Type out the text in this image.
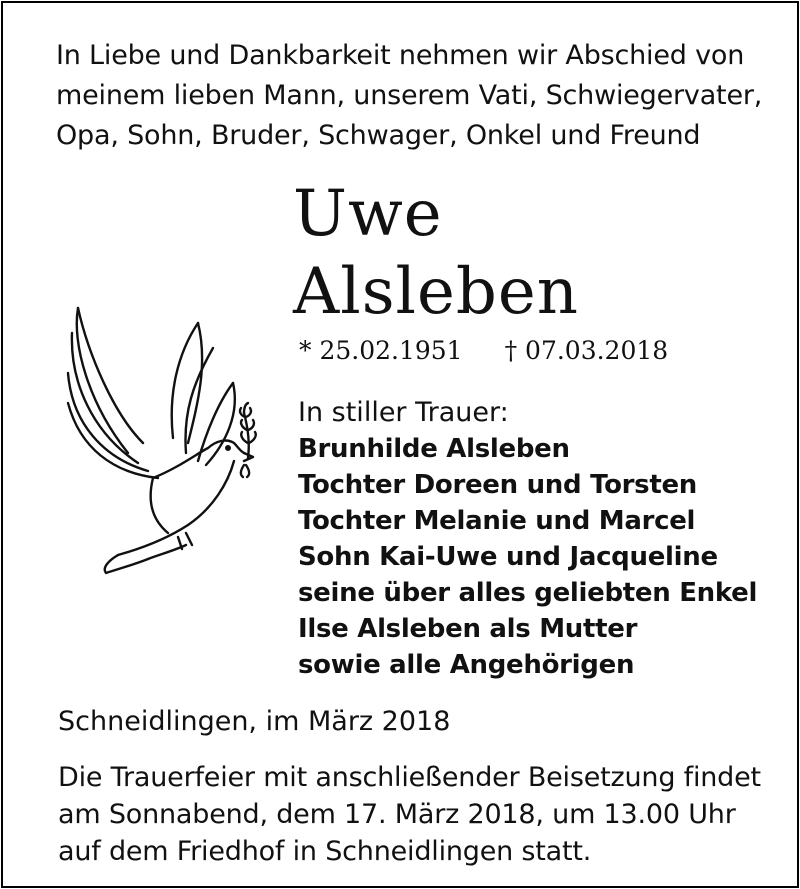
In Liebe und Dankbarkeit nehmen wir Abschied von
meinem lieben Mann, unserem Vati, Schwiegervater,
Opa, Sohn, Bruder, Schwager, Onkel und Freund
Uwe
Alsleben
* 25.02.1951 † 07.03.2018
In stiller Trauer:
Brunhilde Alsleben
Tochter Doreen und Torsten
Tochter Melanie und Marcel
Sohn Kai-Uwe und Jacqueline
seine über alles geliebten Enkel
Ilse Alsleben als Mutter
sowie alle Angehörigen
Schneidlingen, im März 2018
Die Trauerfeier mit anschließender Beisetzung findet
am Sonnabend, dem 17. März 2018, um 13.00 Uhr
auf dem Friedhof in Schneidlingen statt.
